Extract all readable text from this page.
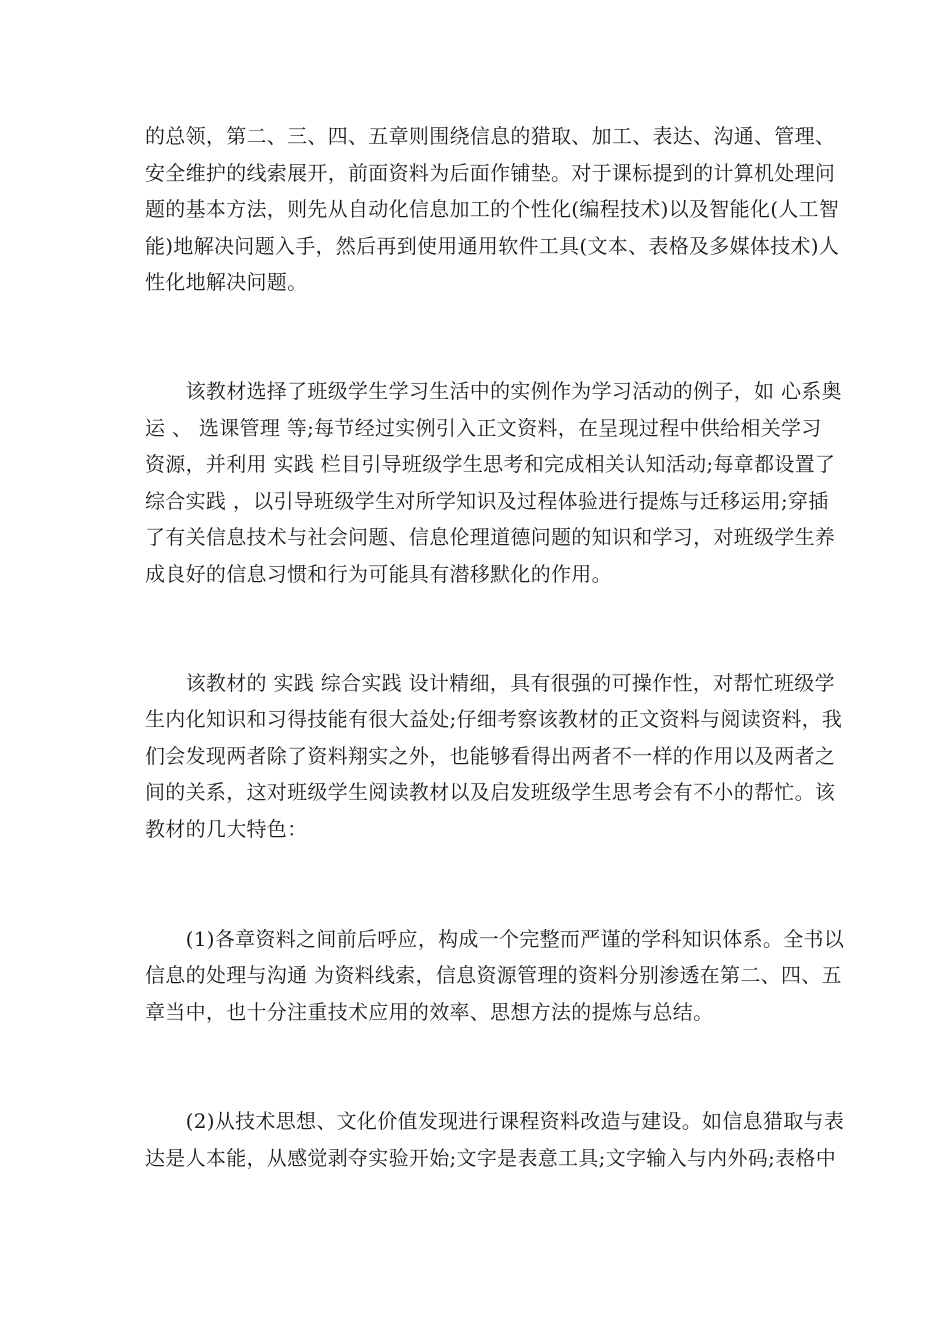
的总领，第二、三、四、五章则围绕信息的猎取、加工、表达、沟通、管理、
安全维护的线索展开，前面资料为后面作铺垫。对于课标提到的计算机处理问
题的基本方法，则先从自动化信息加工的个性化(编程技术)以及智能化(人工智
能)地解决问题入手，然后再到使用通用软件工具(文本、表格及多媒体技术)人
性化地解决问题。

　　该教材选择了班级学生学习生活中的实例作为学习活动的例子，如 心系奥
运 、 选课管理 等;每节经过实例引入正文资料，在呈现过程中供给相关学习
资源，并利用 实践 栏目引导班级学生思考和完成相关认知活动;每章都设置了
综合实践 ，以引导班级学生对所学知识及过程体验进行提炼与迁移运用;穿插
了有关信息技术与社会问题、信息伦理道德问题的知识和学习，对班级学生养
成良好的信息习惯和行为可能具有潜移默化的作用。

　　该教材的 实践 综合实践 设计精细，具有很强的可操作性，对帮忙班级学
生内化知识和习得技能有很大益处;仔细考察该教材的正文资料与阅读资料，我
们会发现两者除了资料翔实之外，也能够看得出两者不一样的作用以及两者之
间的关系，这对班级学生阅读教材以及启发班级学生思考会有不小的帮忙。该
教材的几大特色：

　　(1)各章资料之间前后呼应，构成一个完整而严谨的学科知识体系。全书以
信息的处理与沟通 为资料线索，信息资源管理的资料分别渗透在第二、四、五
章当中，也十分注重技术应用的效率、思想方法的提炼与总结。

　　(2)从技术思想、文化价值发现进行课程资料改造与建设。如信息猎取与表
达是人本能，从感觉剥夺实验开始;文字是表意工具;文字输入与内外码;表格中
